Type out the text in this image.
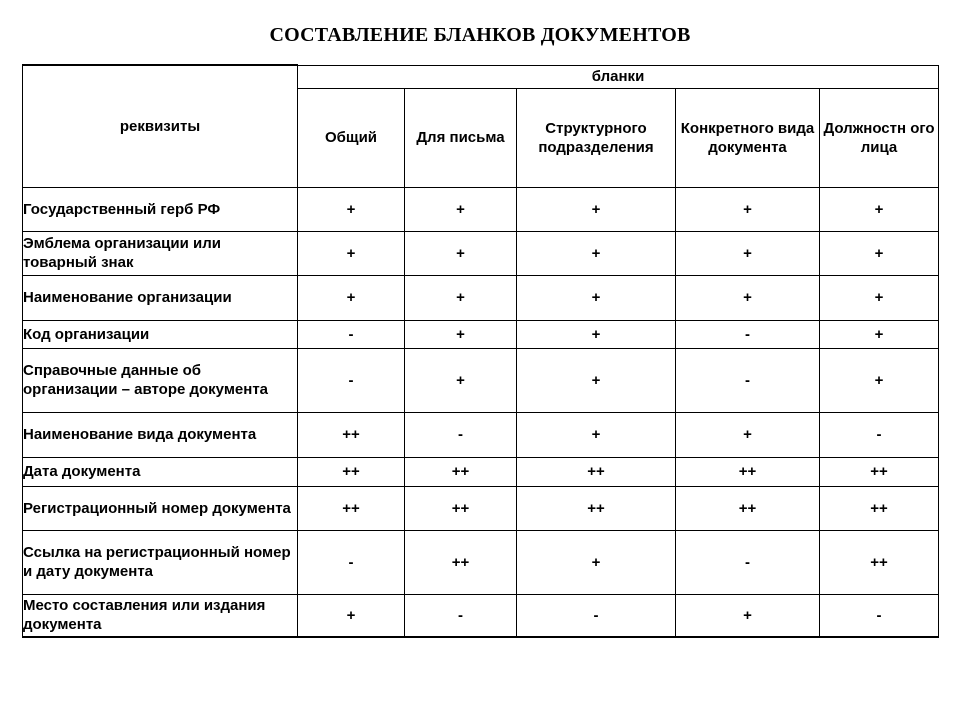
СОСТАВЛЕНИЕ БЛАНКОВ ДОКУМЕНТОВ
реквизиты	бланки				
	Общий	Для письма	Структурного подразделения	Конкретного вида документа	Должностн ого лица
Государственный герб РФ	+	+	+	+	+
Эмблема организации или товарный знак	+	+	+	+	+
Наименование организации	+	+	+	+	+
Код организации	-	+	+	-	+
Справочные данные об организации – авторе документа	-	+	+	-	+
Наименование вида документа	++	-	+	+	-
Дата документа	++	++	++	++	++
Регистрационный номер документа	++	++	++	++	++
Ссылка на регистрационный номер и дату документа	-	++	+	-	++
Место составления или издания документа	+	-	-	+	-
